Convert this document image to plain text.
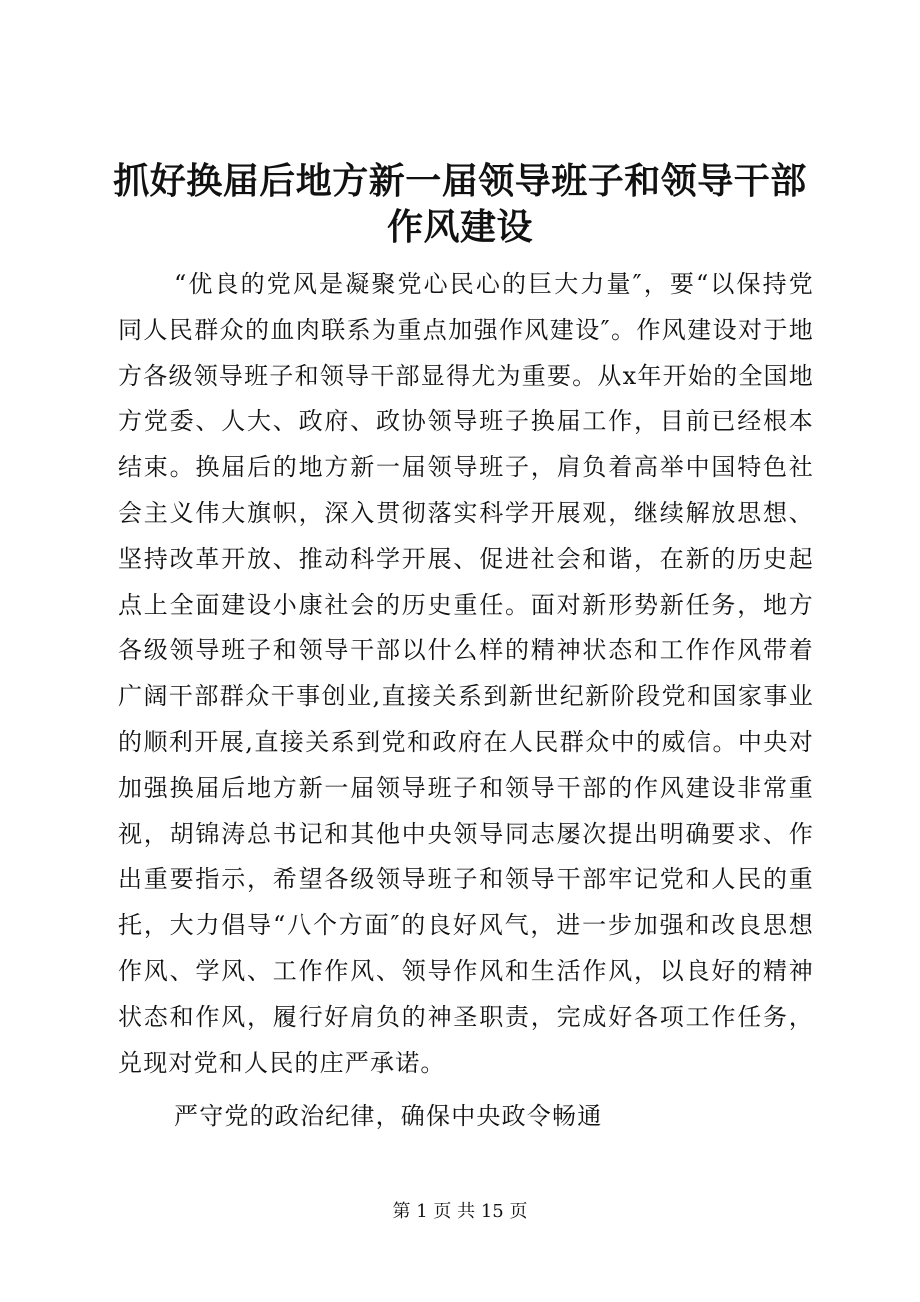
抓好换届后地方新一届领导班子和领导干部作风建设

“优良的党风是凝聚党心民心的巨大力量″，要“以保持党同人民群众的血肉联系为重点加强作风建设″。作风建设对于地方各级领导班子和领导干部显得尤为重要。从x年开始的全国地方党委、人大、政府、政协领导班子换届工作，目前已经根本结束。换届后的地方新一届领导班子，肩负着高举中国特色社会主义伟大旗帜，深入贯彻落实科学开展观，继续解放思想、坚持改革开放、推动科学开展、促进社会和谐，在新的历史起点上全面建设小康社会的历史重任。面对新形势新任务，地方各级领导班子和领导干部以什么样的精神状态和工作作风带着广阔干部群众干事创业,直接关系到新世纪新阶段党和国家事业的顺利开展,直接关系到党和政府在人民群众中的威信。中央对加强换届后地方新一届领导班子和领导干部的作风建设非常重视，胡锦涛总书记和其他中央领导同志屡次提出明确要求、作出重要指示，希望各级领导班子和领导干部牢记党和人民的重托，大力倡导“八个方面″的良好风气，进一步加强和改良思想作风、学风、工作作风、领导作风和生活作风，以良好的精神状态和作风，履行好肩负的神圣职责，完成好各项工作任务，兑现对党和人民的庄严承诺。

严守党的政治纪律，确保中央政令畅通

第 1 页 共 15 页
